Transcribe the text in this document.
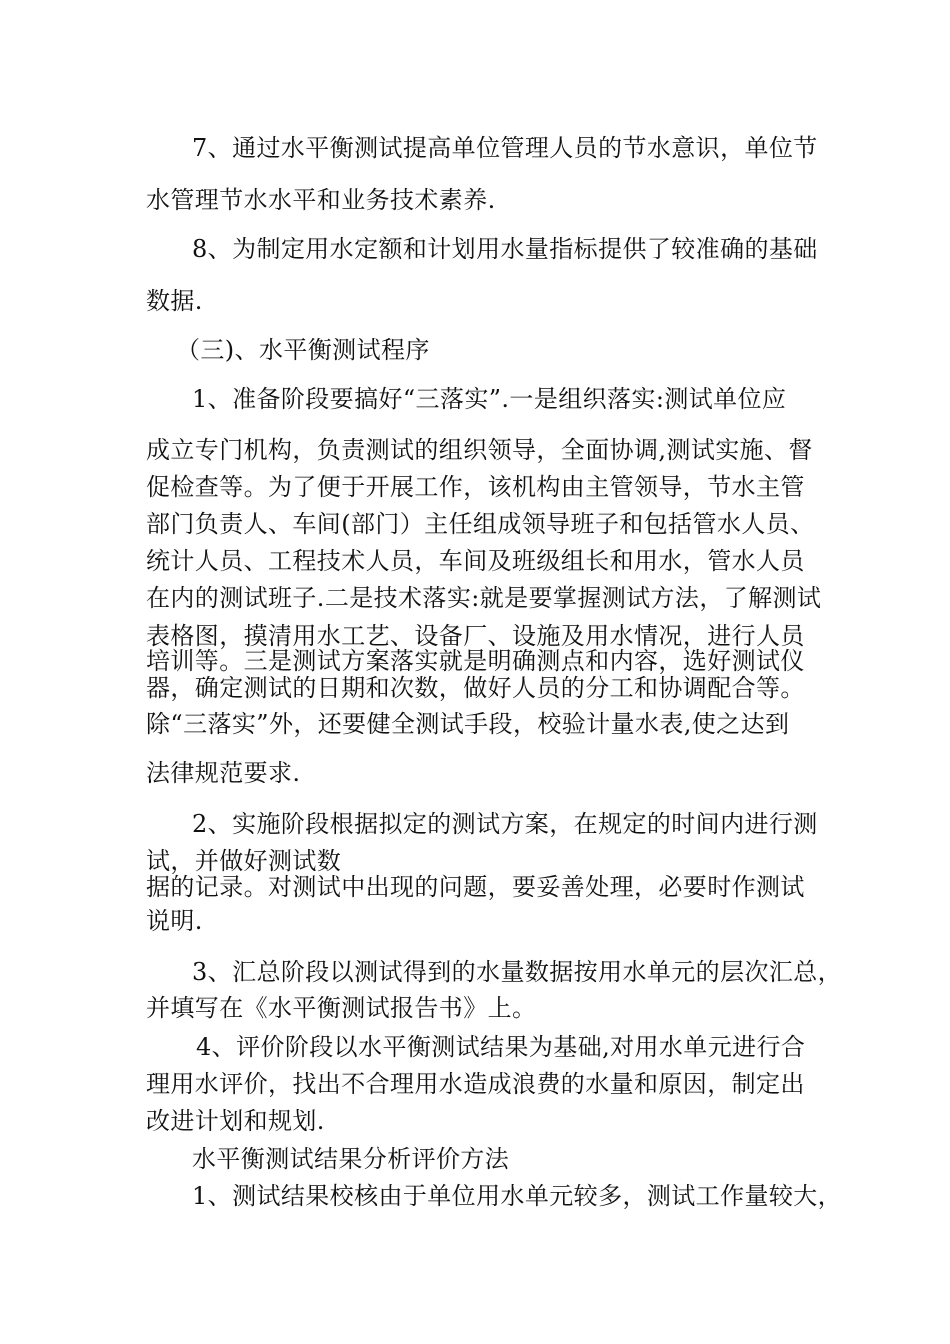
7、通过水平衡测试提高单位管理人员的节水意识，单位节

水管理节水水平和业务技术素养.

8、为制定用水定额和计划用水量指标提供了较准确的基础

数据.

（三)、水平衡测试程序

1、准备阶段要搞好“三落实”.一是组织落实:测试单位应

成立专门机构，负责测试的组织领导，全面协调,测试实施、督

促检查等。为了便于开展工作，该机构由主管领导，节水主管

部门负责人、车间(部门）主任组成领导班子和包括管水人员、

统计人员、工程技术人员，车间及班级组长和用水，管水人员

在内的测试班子.二是技术落实:就是要掌握测试方法，了解测试

表格图，摸清用水工艺、设备厂、设施及用水情况，进行人员

培训等。三是测试方案落实就是明确测点和内容，选好测试仪

器，确定测试的日期和次数，做好人员的分工和协调配合等。

除“三落实”外，还要健全测试手段，校验计量水表,使之达到

法律规范要求.

2、实施阶段根据拟定的测试方案，在规定的时间内进行测

试，并做好测试数

据的记录。对测试中出现的问题，要妥善处理，必要时作测试

说明.

3、汇总阶段以测试得到的水量数据按用水单元的层次汇总，

并填写在《水平衡测试报告书》上。

4、评价阶段以水平衡测试结果为基础,对用水单元进行合

理用水评价，找出不合理用水造成浪费的水量和原因，制定出

改进计划和规划.

水平衡测试结果分析评价方法

1、测试结果校核由于单位用水单元较多，测试工作量较大，
